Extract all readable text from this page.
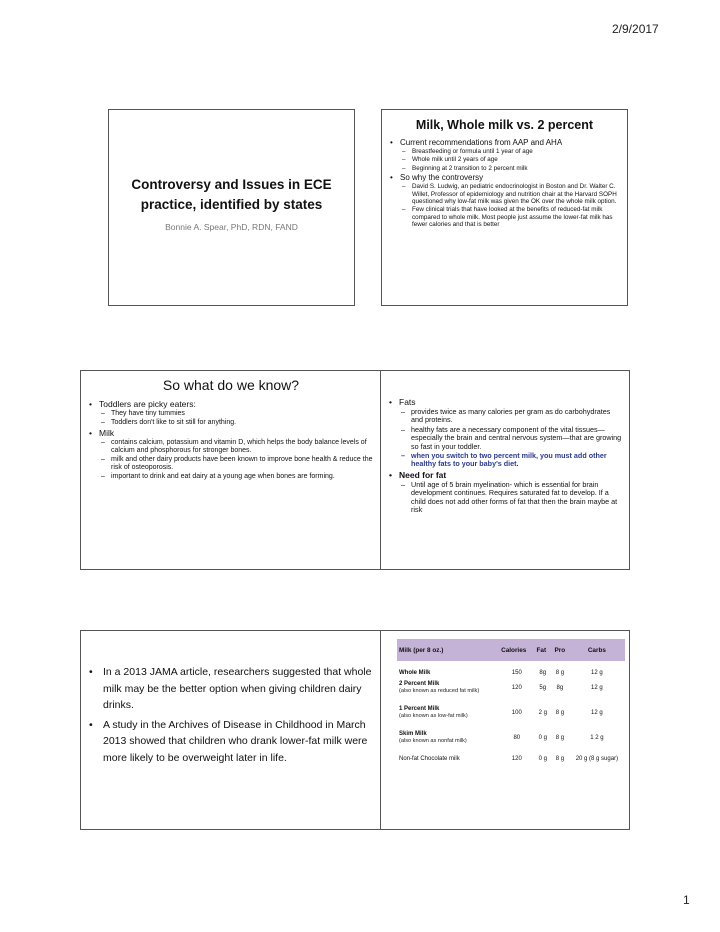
2/9/2017
Controversy and Issues in ECE
practice, identified by states
Bonnie A. Spear, PhD, RDN, FAND
Milk, Whole milk vs. 2 percent
• Current recommendations from AAP and AHA
– Breastfeeding or formula until 1 year of age
– Whole milk until 2 years of age
– Beginning at 2 transition to 2 percent milk
• So why the controversy
– David S. Ludwig, an pediatric endocrinologist in Boston and Dr. Walter C. Willet, Professor of epidemiology and nutrition chair at the Harvard SOPH questioned why low-fat milk was given the OK over the whole milk option.
– Few clinical trials that have looked at the benefits of reduced-fat milk compared to whole milk. Most people just assume the lower-fat milk has fewer calories and that is better
So what do we know?
• Toddlers are picky eaters:
– They have tiny tummies
– Toddlers don't like to sit still for anything.
• Milk
– contains calcium, potassium and vitamin D, which helps the body balance levels of calcium and phosphorous for stronger bones.
– milk and other dairy products have been known to improve bone health & reduce the risk of osteoporosis.
– important to drink and eat dairy at a young age when bones are forming.
• Fats
– provides twice as many calories per gram as do carbohydrates and proteins.
– healthy fats are a necessary component of the vital tissues—especially the brain and central nervous system—that are growing so fast in your toddler.
– when you switch to two percent milk, you must add other healthy fats to your baby's diet.
• Need for fat
– Until age of 5 brain myelination- which is essential for brain development continues. Requires saturated fat to develop. If a child does not add other forms of fat that then the brain maybe at risk
• In a 2013 JAMA article, researchers suggested that whole milk may be the better option when giving children dairy drinks.
• A study in the Archives of Disease in Childhood in March 2013 showed that children who drank lower-fat milk were more likely to be overweight later in life.
Milk (per 8 oz.)	Calories	Fat	Pro	Carbs

Whole Milk	150	8g	8 g	12 g

2 Percent Milk
(also known as reduced fat milk)	120	5g	8g	12 g

1 Percent Milk
(also known as low-fat milk)	100	2 g	8 g	12 g

Skim Milk
(also known as nonfat milk)	80	0 g	8 g	1 2 g

Non-fat Chocolate milk	120	0 g	8 g	20 g (8 g sugar)
1
